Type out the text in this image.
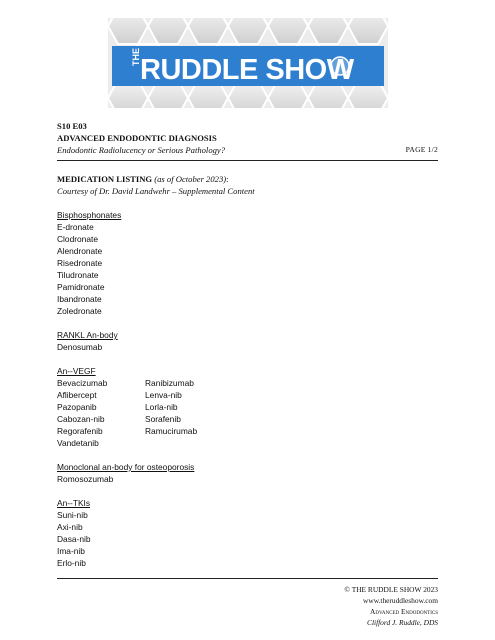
THE RUDDLE SHOW
S10 E03
ADVANCED ENDODONTIC DIAGNOSIS
Endodontic Radiolucency or Serious Pathology?	PAGE 1/2
MEDICATION LISTING (as of October 2023):
Courtesy of Dr. David Landwehr – Supplemental Content
Bisphosphonates
E-dronate
Clodronate
Alendronate
Risedronate
Tiludronate
Pamidronate
Ibandronate
Zoledronate
RANKL An-body
Denosumab
An--VEGF
Bevacizumab
Aflibercept
Pazopanib
Cabozan-nib
Regorafenib
Vandetanib
Ranibizumab
Lenva-nib
Lorla-nib
Sorafenib
Ramucirumab
Monoclonal an-body for osteoporosis
Romosozumab
An--TKIs
Suni-nib
Axi-nib
Dasa-nib
Ima-nib
Erlo-nib
© THE RUDDLE SHOW 2023
www.theruddleshow.com
Advanced Endodontics
Clifford J. Ruddle, DDS
